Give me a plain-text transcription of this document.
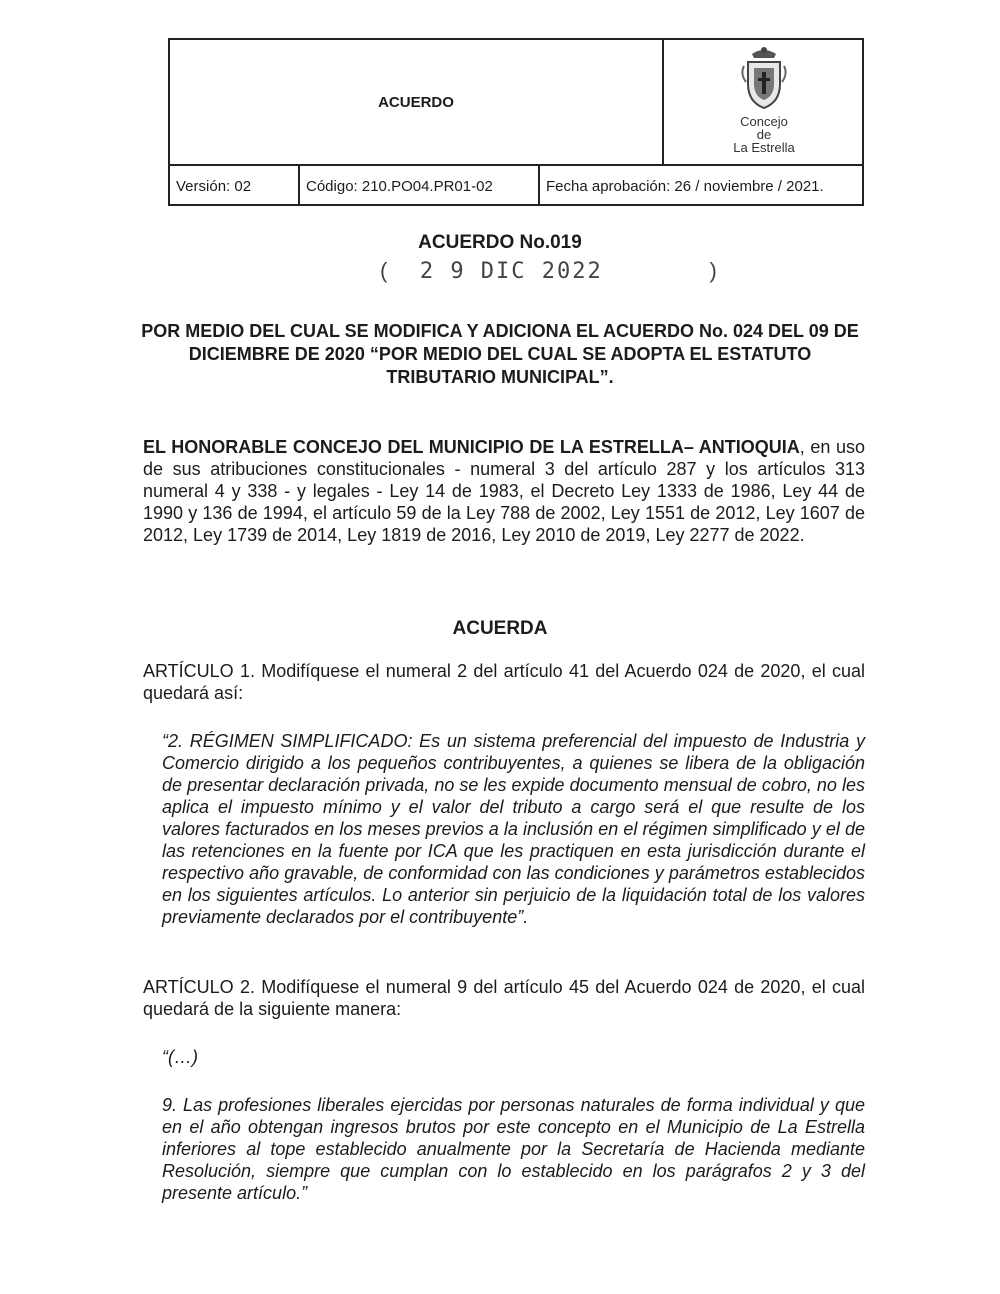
ACUERDO
Concejo
de
La Estrella
Versión: 02	Código: 210.PO04.PR01-02	Fecha aprobación: 26 / noviembre / 2021.
ACUERDO No.019
( 2 9 DIC 2022	)
POR MEDIO DEL CUAL SE MODIFICA Y ADICIONA EL ACUERDO No. 024 DEL 09 DE DICIEMBRE DE 2020 “POR MEDIO DEL CUAL SE ADOPTA EL ESTATUTO TRIBUTARIO MUNICIPAL”.
EL HONORABLE CONCEJO DEL MUNICIPIO DE LA ESTRELLA– ANTIOQUIA, en uso de sus atribuciones constitucionales - numeral 3 del artículo 287 y los artículos 313 numeral 4 y 338 - y legales - Ley 14 de 1983, el Decreto Ley 1333 de 1986, Ley 44 de 1990 y 136 de 1994, el artículo 59 de la Ley 788 de 2002, Ley 1551 de 2012, Ley 1607 de 2012, Ley 1739 de 2014, Ley 1819 de 2016, Ley 2010 de 2019, Ley 2277 de 2022.
ACUERDA
ARTÍCULO 1. Modifíquese el numeral 2 del artículo 41 del Acuerdo 024 de 2020, el cual quedará así:
“2. RÉGIMEN SIMPLIFICADO: Es un sistema preferencial del impuesto de Industria y Comercio dirigido a los pequeños contribuyentes, a quienes se libera de la obligación de presentar declaración privada, no se les expide documento mensual de cobro, no les aplica el impuesto mínimo y el valor del tributo a cargo será el que resulte de los valores facturados en los meses previos a la inclusión en el régimen simplificado y el de las retenciones en la fuente por ICA que les practiquen en esta jurisdicción durante el respectivo año gravable, de conformidad con las condiciones y parámetros establecidos en los siguientes artículos. Lo anterior sin perjuicio de la liquidación total de los valores previamente declarados por el contribuyente”.
ARTÍCULO 2. Modifíquese el numeral 9 del artículo 45 del Acuerdo 024 de 2020, el cual quedará de la siguiente manera:
“(…)
9. Las profesiones liberales ejercidas por personas naturales de forma individual y que en el año obtengan ingresos brutos por este concepto en el Municipio de La Estrella inferiores al tope establecido anualmente por la Secretaría de Hacienda mediante Resolución, siempre que cumplan con lo establecido en los parágrafos 2 y 3 del presente artículo.”
